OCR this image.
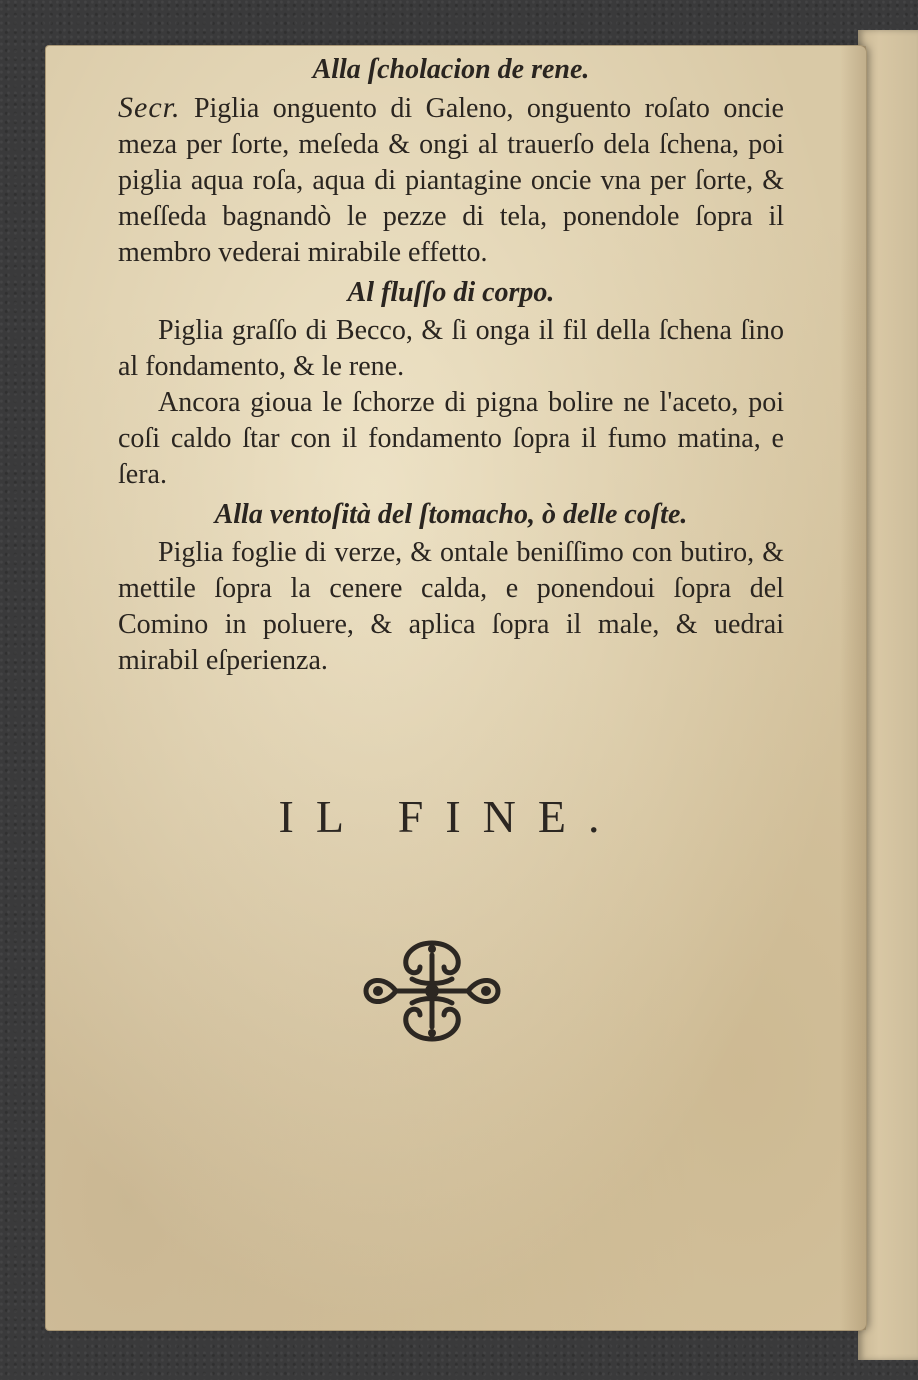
Alla ſcholacion de rene.

Secr. Piglia onguento di Galeno, onguento roſato oncie meza per ſorte, meſeda & ongi al trauerſo dela ſchena, poi piglia aqua roſa, aqua di piantagine oncie vna per ſorte, & meſſeda bagnandò le pezze di tela, ponendole ſopra il membro vederai mirabile effetto.

Al fluſſo di corpo.

Piglia graſſo di Becco, & ſi onga il fil della ſchena ſino al fondamento, & le rene.

Ancora gioua le ſchorze di pigna bolire ne l'aceto, poi coſi caldo ſtar con il fondamento ſopra il fumo matina, e ſera.

Alla ventoſità del ſtomacho, ò delle coſte.

Piglia foglie di verze, & ontale beniſſimo con butiro, & mettile ſopra la cenere calda, e ponendoui ſopra del Comino in poluere, & aplica ſopra il male, & uedrai mirabil eſperienza.

IL FINE.
